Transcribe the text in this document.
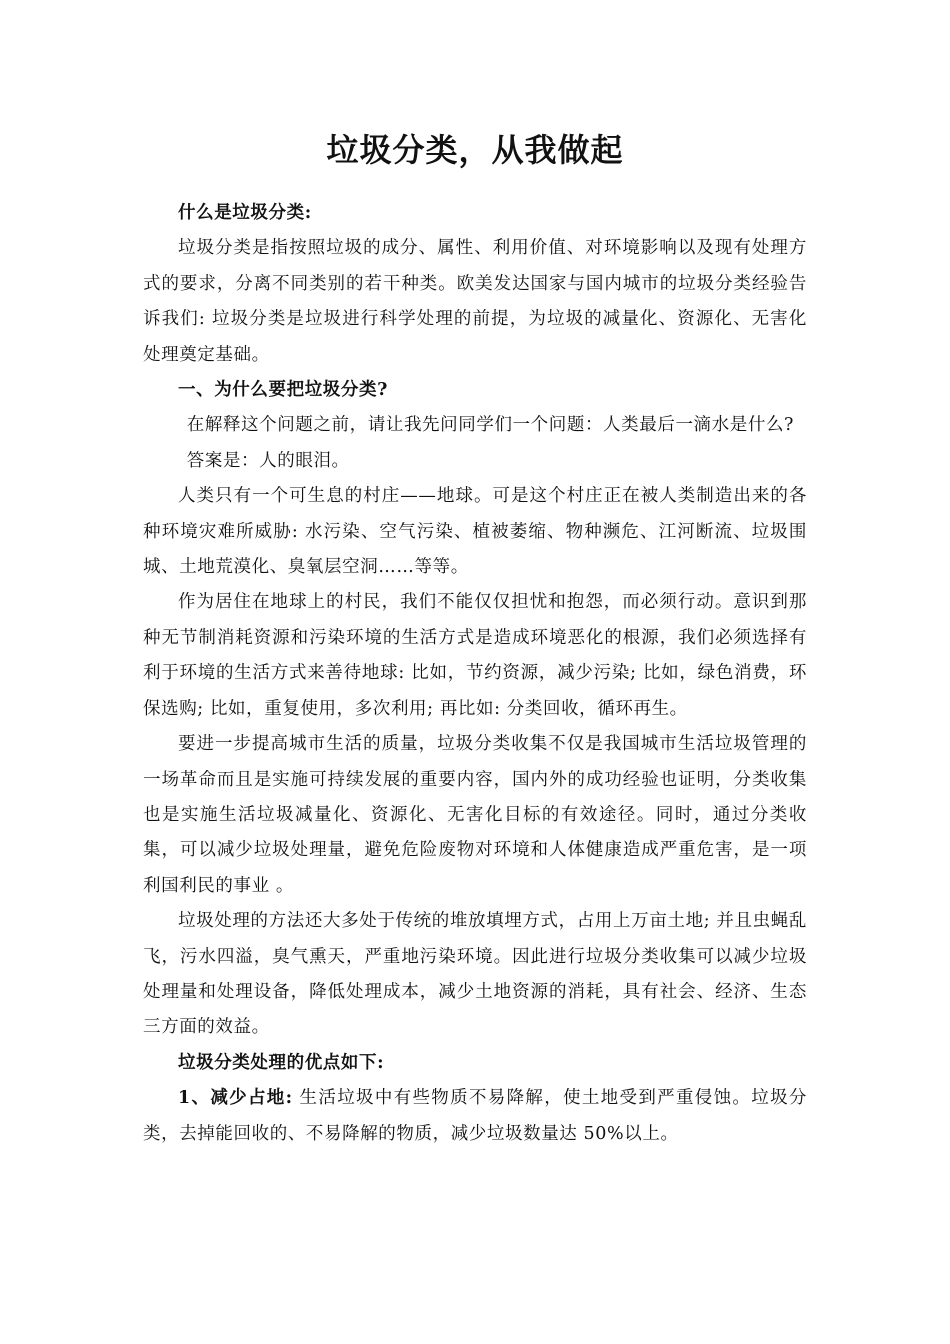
垃圾分类，从我做起
什么是垃圾分类:

垃圾分类是指按照垃圾的成分、属性、利用价值、对环境影响以及现有处理方式的要求，分离不同类别的若干种类。欧美发达国家与国内城市的垃圾分类经验告诉我们: 垃圾分类是垃圾进行科学处理的前提，为垃圾的减量化、资源化、无害化处理奠定基础。

一、为什么要把垃圾分类?

在解释这个问题之前，请让我先问同学们一个问题：人类最后一滴水是什么?

答案是：人的眼泪。

人类只有一个可生息的村庄——地球。可是这个村庄正在被人类制造出来的各种环境灾难所威胁: 水污染、空气污染、植被萎缩、物种濒危、江河断流、垃圾围城、土地荒漠化、臭氧层空洞……等等。

作为居住在地球上的村民，我们不能仅仅担忧和抱怨，而必须行动。意识到那种无节制消耗资源和污染环境的生活方式是造成环境恶化的根源，我们必须选择有利于环境的生活方式来善待地球: 比如，节约资源，减少污染; 比如，绿色消费，环保选购; 比如，重复使用，多次利用; 再比如: 分类回收，循环再生。

要进一步提高城市生活的质量，垃圾分类收集不仅是我国城市生活垃圾管理的一场革命而且是实施可持续发展的重要内容，国内外的成功经验也证明，分类收集也是实施生活垃圾减量化、资源化、无害化目标的有效途径。同时，通过分类收集，可以减少垃圾处理量，避免危险废物对环境和人体健康造成严重危害，是一项利国利民的事业 。

垃圾处理的方法还大多处于传统的堆放填埋方式，占用上万亩土地; 并且虫蝇乱飞，污水四溢，臭气熏天，严重地污染环境。因此进行垃圾分类收集可以减少垃圾处理量和处理设备，降低处理成本，减少土地资源的消耗，具有社会、经济、生态三方面的效益。

垃圾分类处理的优点如下:

1、减少占地: 生活垃圾中有些物质不易降解，使土地受到严重侵蚀。垃圾分类，去掉能回收的、不易降解的物质，减少垃圾数量达 50%以上。
